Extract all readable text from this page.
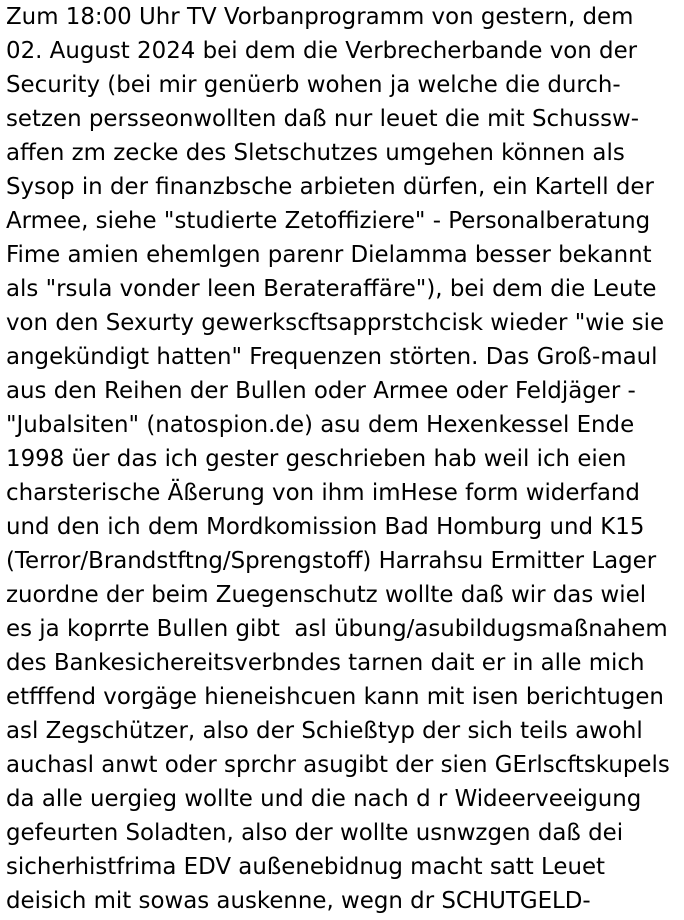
Zum 18:00 Uhr TV Vorbanprogramm von gestern, dem
02. August 2024 bei dem die Verbrecherbande von der
Security (bei mir genüerb wohen ja welche die durch-
setzen persseonwollten daß nur leuet die mit Schussw-
affen zm zecke des Sletschutzes umgehen können als
Sysop in der finanzbsche arbieten dürfen, ein Kartell der
Armee, siehe "studierte Zetoffiziere" - Personalberatung
Fime amien ehemlgen parenr Dielamma besser bekannt
als "rsula vonder leen Berateraffäre"), bei dem die Leute
von den Sexurty gewerkscftsapprstchcisk wieder "wie sie
angekündigt hatten" Frequenzen störten. Das Groß-maul
aus den Reihen der Bullen oder Armee oder Feldjäger -
"Jubalsiten" (natospion.de) asu dem Hexenkessel Ende
1998 üer das ich gester geschrieben hab weil ich eien
charsterische Äßerung von ihm imHese form widerfand
und den ich dem Mordkomission Bad Homburg und K15
(Terror/Brandstftng/Sprengstoff) Harrahsu Ermitter Lager
zuordne der beim Zuegenschutz wollte daß wir das wiel
es ja koprrte Bullen gibt  asl übung/asubildugsmaßnahem
des Bankesichereitsverbndes tarnen dait er in alle mich
etfffend vorgäge hieneishcuen kann mit isen berichtugen
asl Zegschützer, also der Schießtyp der sich teils awohl
auchasl anwt oder sprchr asugibt der sien GErlscftskupels
da alle uergieg wollte und die nach d r Wideerveeigung
gefeurten Soladten, also der wollte usnwzgen daß dei
sicherhistfrima EDV außenebidnug macht satt Leuet
deisich mit sowas auskenne, wegn dr SCHUTGELD-
